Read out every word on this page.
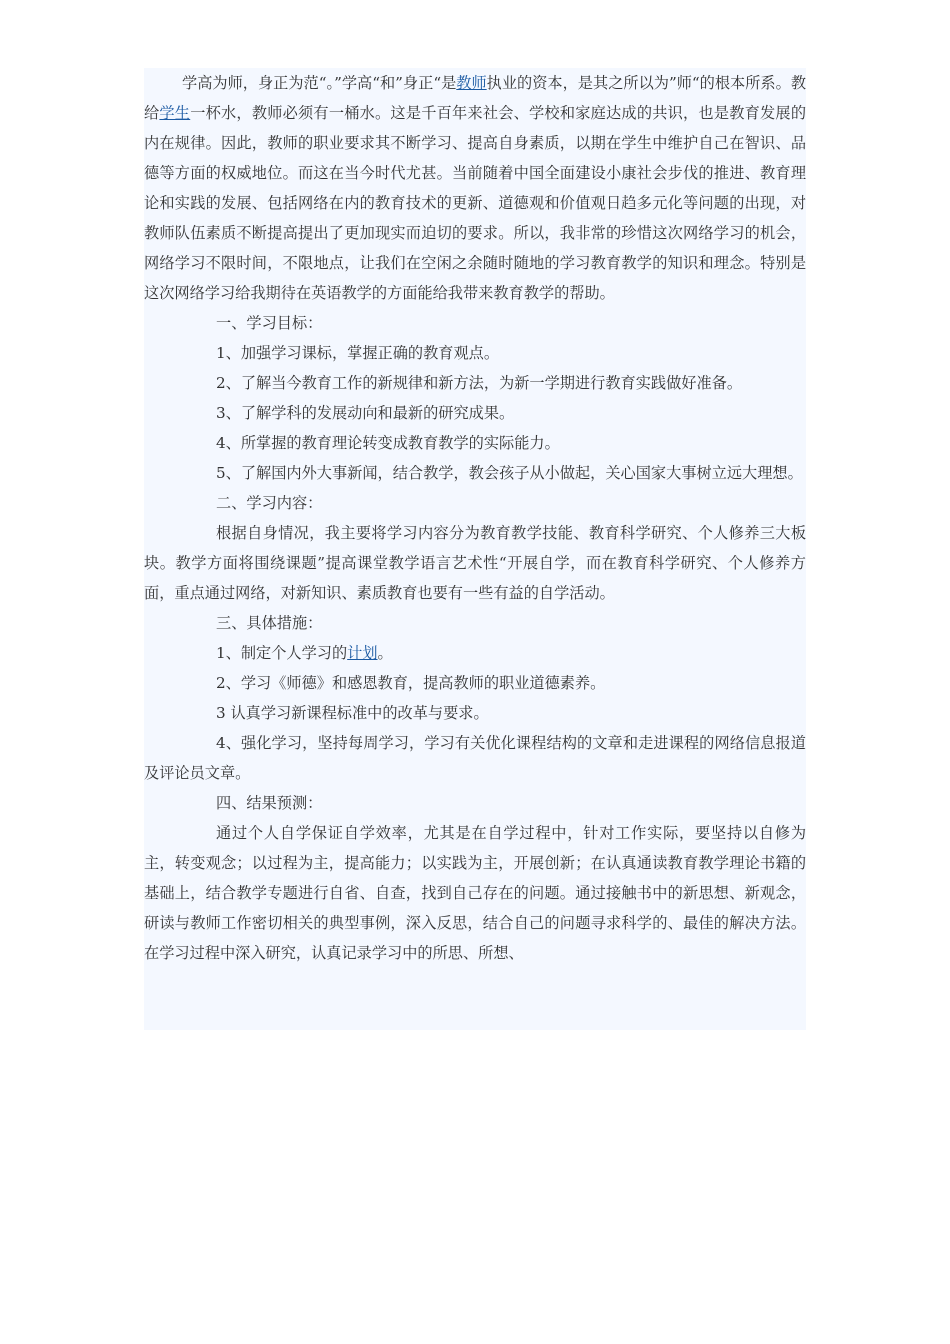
学高为师，身正为范“。”学高“和”身正“是教师执业的资本，是其之所以为”师“的根本所系。教给学生一杯水，教师必须有一桶水。这是千百年来社会、学校和家庭达成的共识，也是教育发展的内在规律。因此，教师的职业要求其不断学习、提高自身素质，以期在学生中维护自己在智识、品德等方面的权威地位。而这在当今时代尤甚。当前随着中国全面建设小康社会步伐的推进、教育理论和实践的发展、包括网络在内的教育技术的更新、道德观和价值观日趋多元化等问题的出现，对教师队伍素质不断提高提出了更加现实而迫切的要求。所以，我非常的珍惜这次网络学习的机会，网络学习不限时间，不限地点，让我们在空闲之余随时随地的学习教育教学的知识和理念。特别是这次网络学习给我期待在英语教学的方面能给我带来教育教学的帮助。

一、学习目标：

1、加强学习课标，掌握正确的教育观点。

2、了解当今教育工作的新规律和新方法，为新一学期进行教育实践做好准备。

3、了解学科的发展动向和最新的研究成果。

4、所掌握的教育理论转变成教育教学的实际能力。

5、了解国内外大事新闻，结合教学，教会孩子从小做起，关心国家大事树立远大理想。

二、学习内容：

根据自身情况，我主要将学习内容分为教育教学技能、教育科学研究、个人修养三大板块。教学方面将围绕课题”提高课堂教学语言艺术性“开展自学，而在教育科学研究、个人修养方面，重点通过网络，对新知识、素质教育也要有一些有益的自学活动。

三、具体措施：

1、制定个人学习的计划。

2、学习《师德》和感恩教育，提高教师的职业道德素养。

3 认真学习新课程标准中的改革与要求。

4、强化学习，坚持每周学习，学习有关优化课程结构的文章和走进课程的网络信息报道及评论员文章。

四、结果预测：

通过个人自学保证自学效率，尤其是在自学过程中，针对工作实际，要坚持以自修为主，转变观念；以过程为主，提高能力；以实践为主，开展创新；在认真通读教育教学理论书籍的基础上，结合教学专题进行自省、自查，找到自己存在的问题。通过接触书中的新思想、新观念，研读与教师工作密切相关的典型事例，深入反思，结合自己的问题寻求科学的、最佳的解决方法。在学习过程中深入研究，认真记录学习中的所思、所想、
